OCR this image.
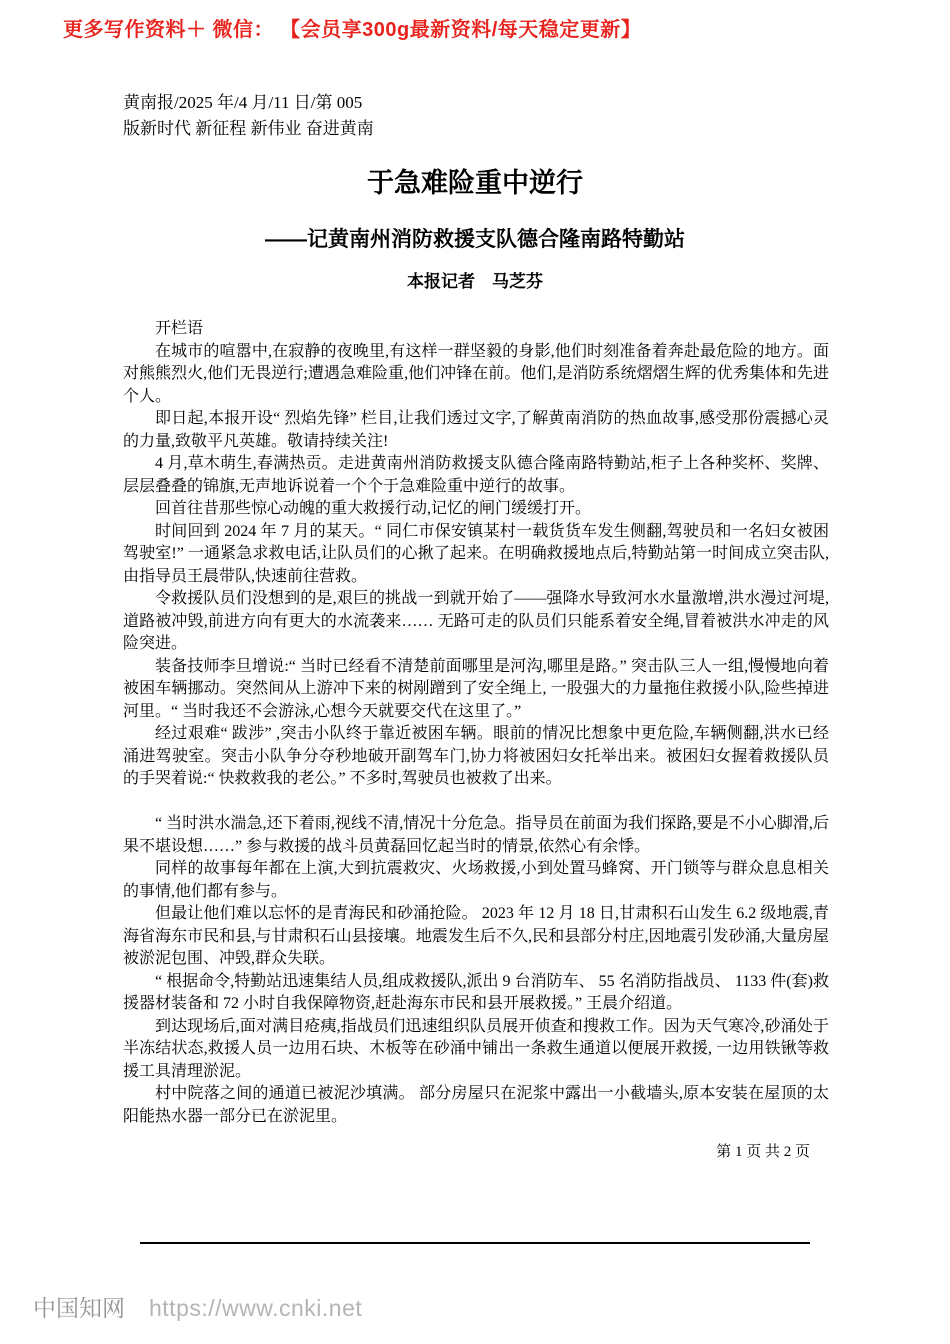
更多写作资料＋ 微信： 【会员享300g最新资料/每天稳定更新】
黄南报/2025 年/4 月/11 日/第 005
版新时代 新征程 新伟业 奋进黄南
于急难险重中逆行
——记黄南州消防救援支队德合隆南路特勤站
本报记者　马芝芬

开栏语

在城市的喧嚣中,在寂静的夜晚里,有这样一群坚毅的身影,他们时刻准备着奔赴最危险的地方。面对熊熊烈火,他们无畏逆行;遭遇急难险重,他们冲锋在前。他们,是消防系统熠熠生辉的优秀集体和先进个人。

即日起,本报开设“ 烈焰先锋” 栏目,让我们透过文字,了解黄南消防的热血故事,感受那份震撼心灵的力量,致敬平凡英雄。敬请持续关注!

4 月,草木萌生,春满热贡。走进黄南州消防救援支队德合隆南路特勤站,柜子上各种奖杯、奖牌、层层叠叠的锦旗,无声地诉说着一个个于急难险重中逆行的故事。

回首往昔那些惊心动魄的重大救援行动,记忆的闸门缓缓打开。

时间回到 2024 年 7 月的某天。“ 同仁市保安镇某村一载货货车发生侧翻,驾驶员和一名妇女被困驾驶室!” 一通紧急求救电话,让队员们的心揪了起来。在明确救援地点后,特勤站第一时间成立突击队,由指导员王晨带队,快速前往营救。

令救援队员们没想到的是,艰巨的挑战一到就开始了——强降水导致河水水量激增,洪水漫过河堤,道路被冲毁,前进方向有更大的水流袭来…… 无路可走的队员们只能系着安全绳,冒着被洪水冲走的风险突进。

装备技师李旦增说:“ 当时已经看不清楚前面哪里是河沟,哪里是路。” 突击队三人一组,慢慢地向着被困车辆挪动。突然间从上游冲下来的树剐蹭到了安全绳上, 一股强大的力量拖住救援小队,险些掉进河里。“ 当时我还不会游泳,心想今天就要交代在这里了。”

经过艰难“ 跋涉” ,突击小队终于靠近被困车辆。眼前的情况比想象中更危险,车辆侧翻,洪水已经涌进驾驶室。突击小队争分夺秒地破开副驾车门,协力将被困妇女托举出来。被困妇女握着救援队员的手哭着说:“ 快救救我的老公。” 不多时,驾驶员也被救了出来。

“ 当时洪水湍急,还下着雨,视线不清,情况十分危急。指导员在前面为我们探路,要是不小心脚滑,后果不堪设想……” 参与救援的战斗员黄磊回忆起当时的情景,依然心有余悸。

同样的故事每年都在上演,大到抗震救灾、火场救援,小到处置马蜂窝、开门锁等与群众息息相关的事情,他们都有参与。

但最让他们难以忘怀的是青海民和砂涌抢险。 2023 年 12 月 18 日,甘肃积石山发生 6.2 级地震,青海省海东市民和县,与甘肃积石山县接壤。地震发生后不久,民和县部分村庄,因地震引发砂涌,大量房屋被淤泥包围、冲毁,群众失联。

“ 根据命令,特勤站迅速集结人员,组成救援队,派出 9 台消防车、 55 名消防指战员、 1133 件(套)救援器材装备和 72 小时自我保障物资,赶赴海东市民和县开展救援。” 王晨介绍道。

到达现场后,面对满目疮痍,指战员们迅速组织队员展开侦查和搜救工作。因为天气寒冷,砂涌处于半冻结状态,救援人员一边用石块、木板等在砂涌中铺出一条救生通道以便展开救援, 一边用铁锹等救援工具清理淤泥。

村中院落之间的通道已被泥沙填满。 部分房屋只在泥浆中露出一小截墙头,原本安装在屋顶的太阳能热水器一部分已在淤泥里。

第 1 页 共 2 页
中国知网 https://www.cnki.net
